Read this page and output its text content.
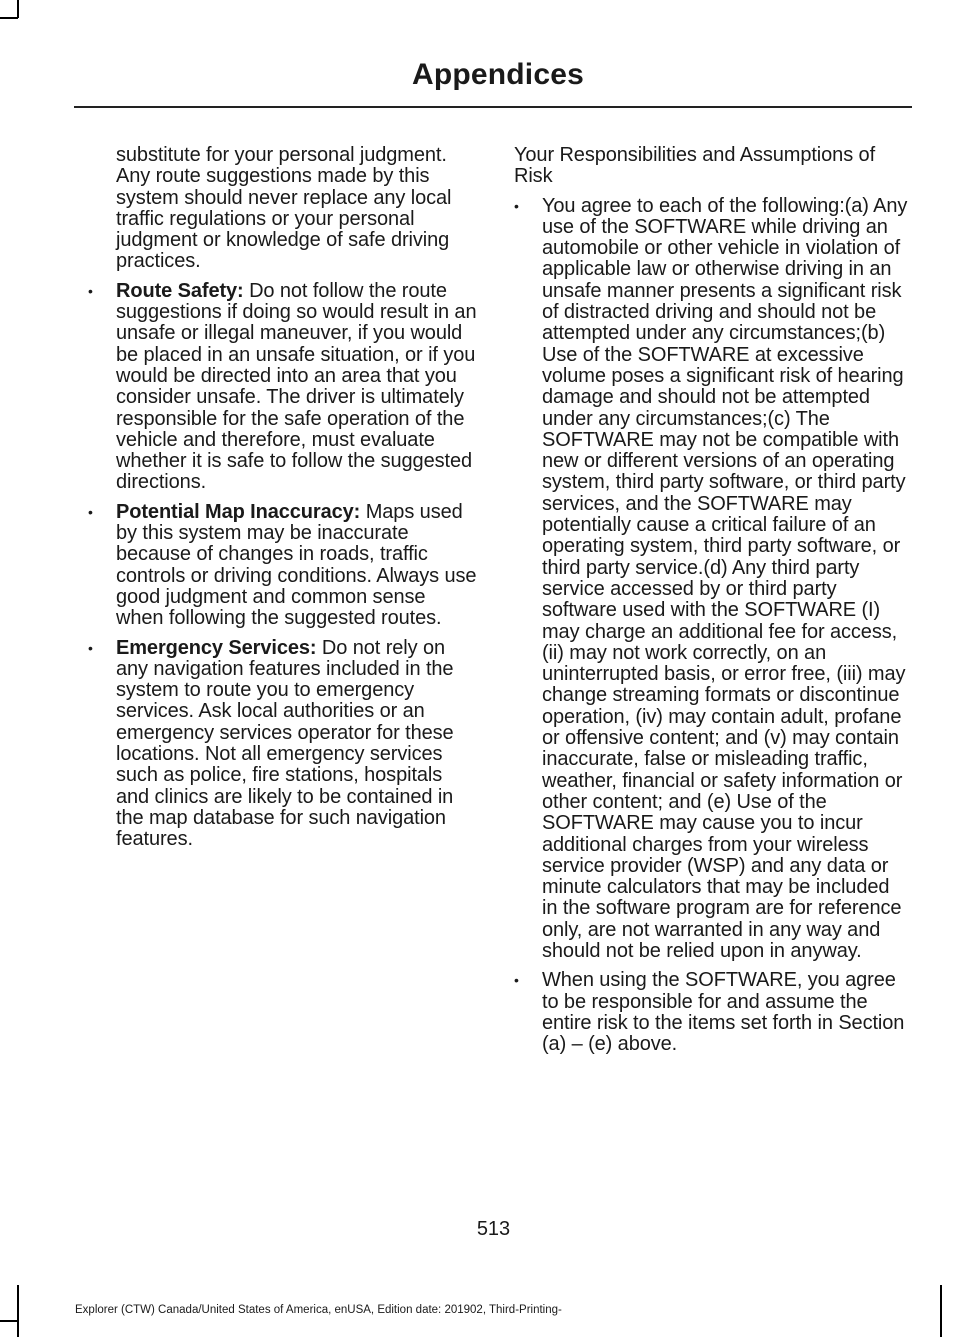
Appendices

substitute for your personal judgment. Any route suggestions made by this system should never replace any local traffic regulations or your personal judgment or knowledge of safe driving practices.

•	Route Safety: Do not follow the route suggestions if doing so would result in an unsafe or illegal maneuver, if you would be placed in an unsafe situation, or if you would be directed into an area that you consider unsafe. The driver is ultimately responsible for the safe operation of the vehicle and therefore, must evaluate whether it is safe to follow the suggested directions.
•	Potential Map Inaccuracy: Maps used by this system may be inaccurate because of changes in roads, traffic controls or driving conditions. Always use good judgment and common sense when following the suggested routes.
•	Emergency Services: Do not rely on any navigation features included in the system to route you to emergency services. Ask local authorities or an emergency services operator for these locations. Not all emergency services such as police, fire stations, hospitals and clinics are likely to be contained in the map database for such navigation features.

Your Responsibilities and Assumptions of Risk

•	You agree to each of the following:(a) Any use of the SOFTWARE while driving an automobile or other vehicle in violation of applicable law or otherwise driving in an unsafe manner presents a significant risk of distracted driving and should not be attempted under any circumstances;(b) Use of the SOFTWARE at excessive volume poses a significant risk of hearing damage and should not be attempted under any circumstances;(c) The SOFTWARE may not be compatible with new or different versions of an operating system, third party software, or third party services, and the SOFTWARE may potentially cause a critical failure of an operating system, third party software, or third party service.(d) Any third party service accessed by or third party software used with the SOFTWARE (I) may charge an additional fee for access, (ii) may not work correctly, on an uninterrupted basis, or error free, (iii) may change streaming formats or discontinue operation, (iv) may contain adult, profane or offensive content; and (v) may contain inaccurate, false or misleading traffic, weather, financial or safety information or other content; and (e) Use of the SOFTWARE may cause you to incur additional charges from your wireless service provider (WSP) and any data or minute calculators that may be included in the software program are for reference only, are not warranted in any way and should not be relied upon in anyway.
•	When using the SOFTWARE, you agree to be responsible for and assume the entire risk to the items set forth in Section (a) – (e) above.
513
Explorer (CTW) Canada/United States of America, enUSA, Edition date: 201902, Third-Printing-
